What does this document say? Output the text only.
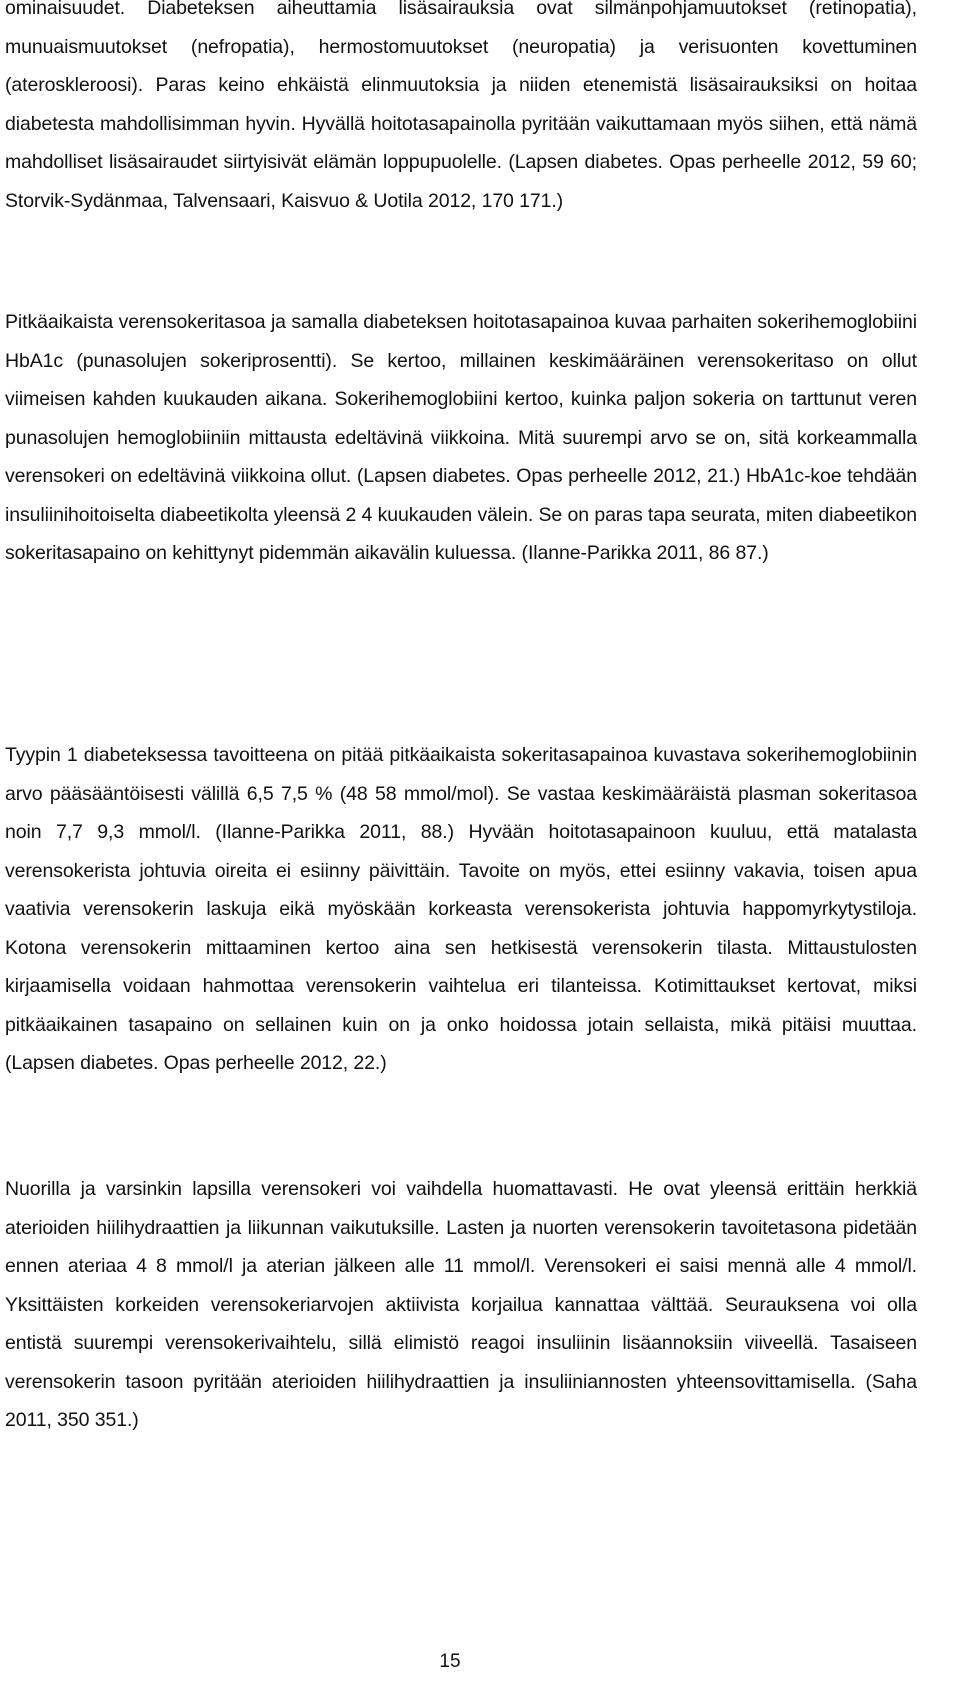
ominaisuudet. Diabeteksen aiheuttamia lisäsairauksia ovat silmänpohjamuutokset (retinopatia), munuaismuutokset (nefropatia), hermostomuutokset (neuropatia) ja verisuonten kovettuminen (ateroskleroosi). Paras keino ehkäistä elinmuutoksia ja niiden etenemistä lisäsairauksiksi on hoitaa diabetesta mahdollisimman hyvin. Hyvällä hoitotasapainolla pyritään vaikuttamaan myös siihen, että nämä mahdolliset lisäsairaudet siirtyisivät elämän loppupuolelle. (Lapsen diabetes. Opas perheelle 2012, 59 60; Storvik-Sydänmaa, Talvensaari, Kaisvuo & Uotila 2012, 170 171.)
Pitkäaikaista verensokeritasoa ja samalla diabeteksen hoitotasapainoa kuvaa parhaiten sokerihemoglobiini HbA1c (punasolujen sokeriprosentti). Se kertoo, millainen keskimääräinen verensokeritaso on ollut viimeisen kahden kuukauden aikana. Sokerihemoglobiini kertoo, kuinka paljon sokeria on tarttunut veren punasolujen hemoglobiiniin mittausta edeltävinä viikkoina. Mitä suurempi arvo se on, sitä korkeammalla verensokeri on edeltävinä viikkoina ollut. (Lapsen diabetes. Opas perheelle 2012, 21.) HbA1c-koe tehdään insuliinihoitoiselta diabeetikolta yleensä 2 4 kuukauden välein. Se on paras tapa seurata, miten diabeetikon sokeritasapaino on kehittynyt pidemmän aikavälin kuluessa. (Ilanne-Parikka 2011, 86 87.)
Tyypin 1 diabeteksessa tavoitteena on pitää pitkäaikaista sokeritasapainoa kuvastava sokerihemoglobiinin arvo pääsääntöisesti välillä 6,5 7,5 % (48 58 mmol/mol). Se vastaa keskimääräistä plasman sokeritasoa noin 7,7 9,3 mmol/l. (Ilanne-Parikka 2011, 88.) Hyvään hoitotasapainoon kuuluu, että matalasta verensokerista johtuvia oireita ei esiinny päivittäin. Tavoite on myös, ettei esiinny vakavia, toisen apua vaativia verensokerin laskuja eikä myöskään korkeasta verensokerista johtuvia happomyrkytystiloja. Kotona verensokerin mittaaminen kertoo aina sen hetkisestä verensokerin tilasta. Mittaustulosten kirjaamisella voidaan hahmottaa verensokerin vaihtelua eri tilanteissa. Kotimittaukset kertovat, miksi pitkäaikainen tasapaino on sellainen kuin on ja onko hoidossa jotain sellaista, mikä pitäisi muuttaa. (Lapsen diabetes. Opas perheelle 2012, 22.)
Nuorilla ja varsinkin lapsilla verensokeri voi vaihdella huomattavasti. He ovat yleensä erittäin herkkiä aterioiden hiilihydraattien ja liikunnan vaikutuksille. Lasten ja nuorten verensokerin tavoitetasona pidetään ennen ateriaa 4 8 mmol/l ja aterian jälkeen alle 11 mmol/l. Verensokeri ei saisi mennä alle 4 mmol/l. Yksittäisten korkeiden verensokeriarvojen aktiivista korjailua kannattaa välttää. Seurauksena voi olla entistä suurempi verensokerivaihtelu, sillä elimistö reagoi insuliinin lisäannoksiin viiveellä. Tasaiseen verensokerin tasoon pyritään aterioiden hiilihydraattien ja insuliiniannosten yhteensovittamisella. (Saha 2011, 350 351.)
15
